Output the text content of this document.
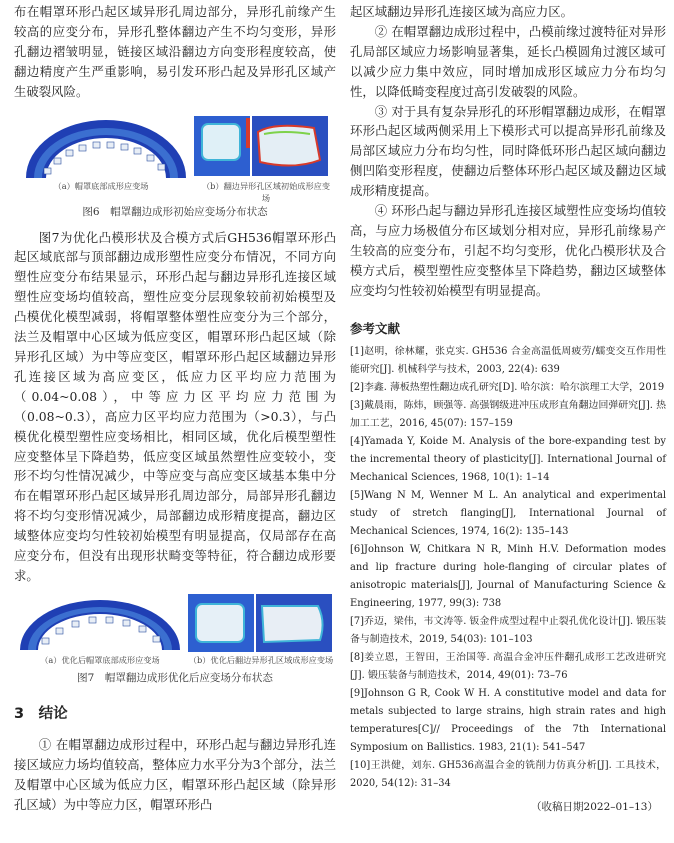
布在帽罩环形凸起区域异形孔周边部分，异形孔前缘产生较高的应变分布，异形孔整体翻边产生不均匀变形，异形孔翻边褶皱明显，链接区域沿翻边方向变形程度较高，使翻边精度产生严重影响，易引发环形凸起及异形孔区域产生破裂风险。

（a）帽罩底部成形应变场	（b）翻边异形孔区域初始成形应变场
图6　帽罩翻边成形初始应变场分布状态

图7为优化凸模形状及合模方式后GH536帽罩环形凸起区域底部与顶部翻边成形塑性应变分布情况，不同方向塑性应变分布结果显示，环形凸起与翻边异形孔连接区域塑性应变场均值较高，塑性应变分层现象较前初始模型及凸模优化模型减弱，将帽罩整体塑性应变分为三个部分，法兰及帽罩中心区域为低应变区，帽罩环形凸起区域（除异形孔区域）为中等应变区，帽罩环形凸起区域翻边异形孔连接区域为高应变区，低应力区平均应力范围为（0.04~0.08），中等应力区平均应力范围为（0.08~0.3），高应力区平均应力范围为（>0.3），与凸模优化模型塑性应变场相比，相同区域，优化后模型塑性应变整体呈下降趋势，低应变区域虽然塑性应变较小，变形不均匀性情况减少，中等应变与高应变区域基本集中分布在帽罩环形凸起区域异形孔周边部分，局部异形孔翻边将不均匀变形情况减少，局部翻边成形精度提高，翻边区域整体应变均匀性较初始模型有明显提高，仅局部存在高应变分布，但没有出现形状畸变等特征，符合翻边成形要求。

（a）优化后帽罩底部成形应变场	（b）优化后翻边异形孔区域成形应变场
图7　帽罩翻边成形优化后应变场分布状态

3　结论

① 在帽罩翻边成形过程中，环形凸起与翻边异形孔连接区域应力场均值较高，整体应力水平分为3个部分，法兰及帽罩中心区域为低应力区，帽罩环形凸起区域（除异形孔区域）为中等应力区，帽罩环形凸

起区域翻边异形孔连接区域为高应力区。

② 在帽罩翻边成形过程中，凸模前缘过渡特征对异形孔局部区域应力场影响显著集，延长凸模圆角过渡区域可以减少应力集中效应，同时增加成形区域应力分布均匀性，以降低畸变程度过高引发破裂的风险。

③ 对于具有复杂异形孔的环形帽罩翻边成形，在帽罩环形凸起区域两侧采用上下模形式可以提高异形孔前缘及局部区域应力分布均匀性，同时降低环形凸起区域向翻边侧凹陷变形程度，使翻边后整体环形凸起区域及翻边区域成形精度提高。

④ 环形凸起与翻边异形孔连接区域塑性应变场均值较高，与应力场极值分布区域划分相对应，异形孔前缘易产生较高的应变分布，引起不均匀变形，优化凸模形状及合模方式后，模型塑性应变整体呈下降趋势，翻边区域整体应变均匀性较初始模型有明显提高。

参考文献

[1]赵明，徐林耀，张克实. GH536 合金高温低周疲劳/蠕变交互作用性能研究[J]. 机械科学与技术，2003, 22(4): 639

[2]李鑫. 薄板热塑性翻边成孔研究[D]. 哈尔滨：哈尔滨理工大学，2019

[3]戴晨雨，陈炜，顾强等. 高强钢级进冲压成形直角翻边回弹研究[J]. 热加工工艺，2016, 45(07): 157–159

[4]Yamada Y, Koide M. Analysis of the bore-expanding test by the incremental theory of plasticity[J]. International Journal of Mechanical Sciences, 1968, 10(1): 1–14

[5]Wang N M, Wenner M L. An analytical and experimental study of stretch flanging[J], International Journal of Mechanical Sciences, 1974, 16(2): 135–143

[6]Johnson W, Chitkara N R, Minh H.V. Deformation modes and lip fracture during hole-flanging of circular plates of anisotropic materials[J], Journal of Manufacturing Science & Engineering, 1977, 99(3): 738

[7]乔迈，梁伟，韦文涛等. 钣金件成型过程中止裂孔优化设计[J]. 锻压装备与制造技术，2019, 54(03): 101–103

[8]姜立恩，王智田，王治国等. 高温合金冲压件翻孔成形工艺改进研究[J]. 锻压装备与制造技术，2014, 49(01): 73–76

[9]Johnson G R, Cook W H. A constitutive model and data for metals subjected to large strains, high strain rates and high temperatures[C]// Proceedings of the 7th International Symposium on Ballistics. 1983, 21(1): 541–547

[10]王洪健，刘东. GH536高温合金的铣削力仿真分析[J]. 工具技术，2020, 54(12): 31–34

（收稿日期2022–01–13）
